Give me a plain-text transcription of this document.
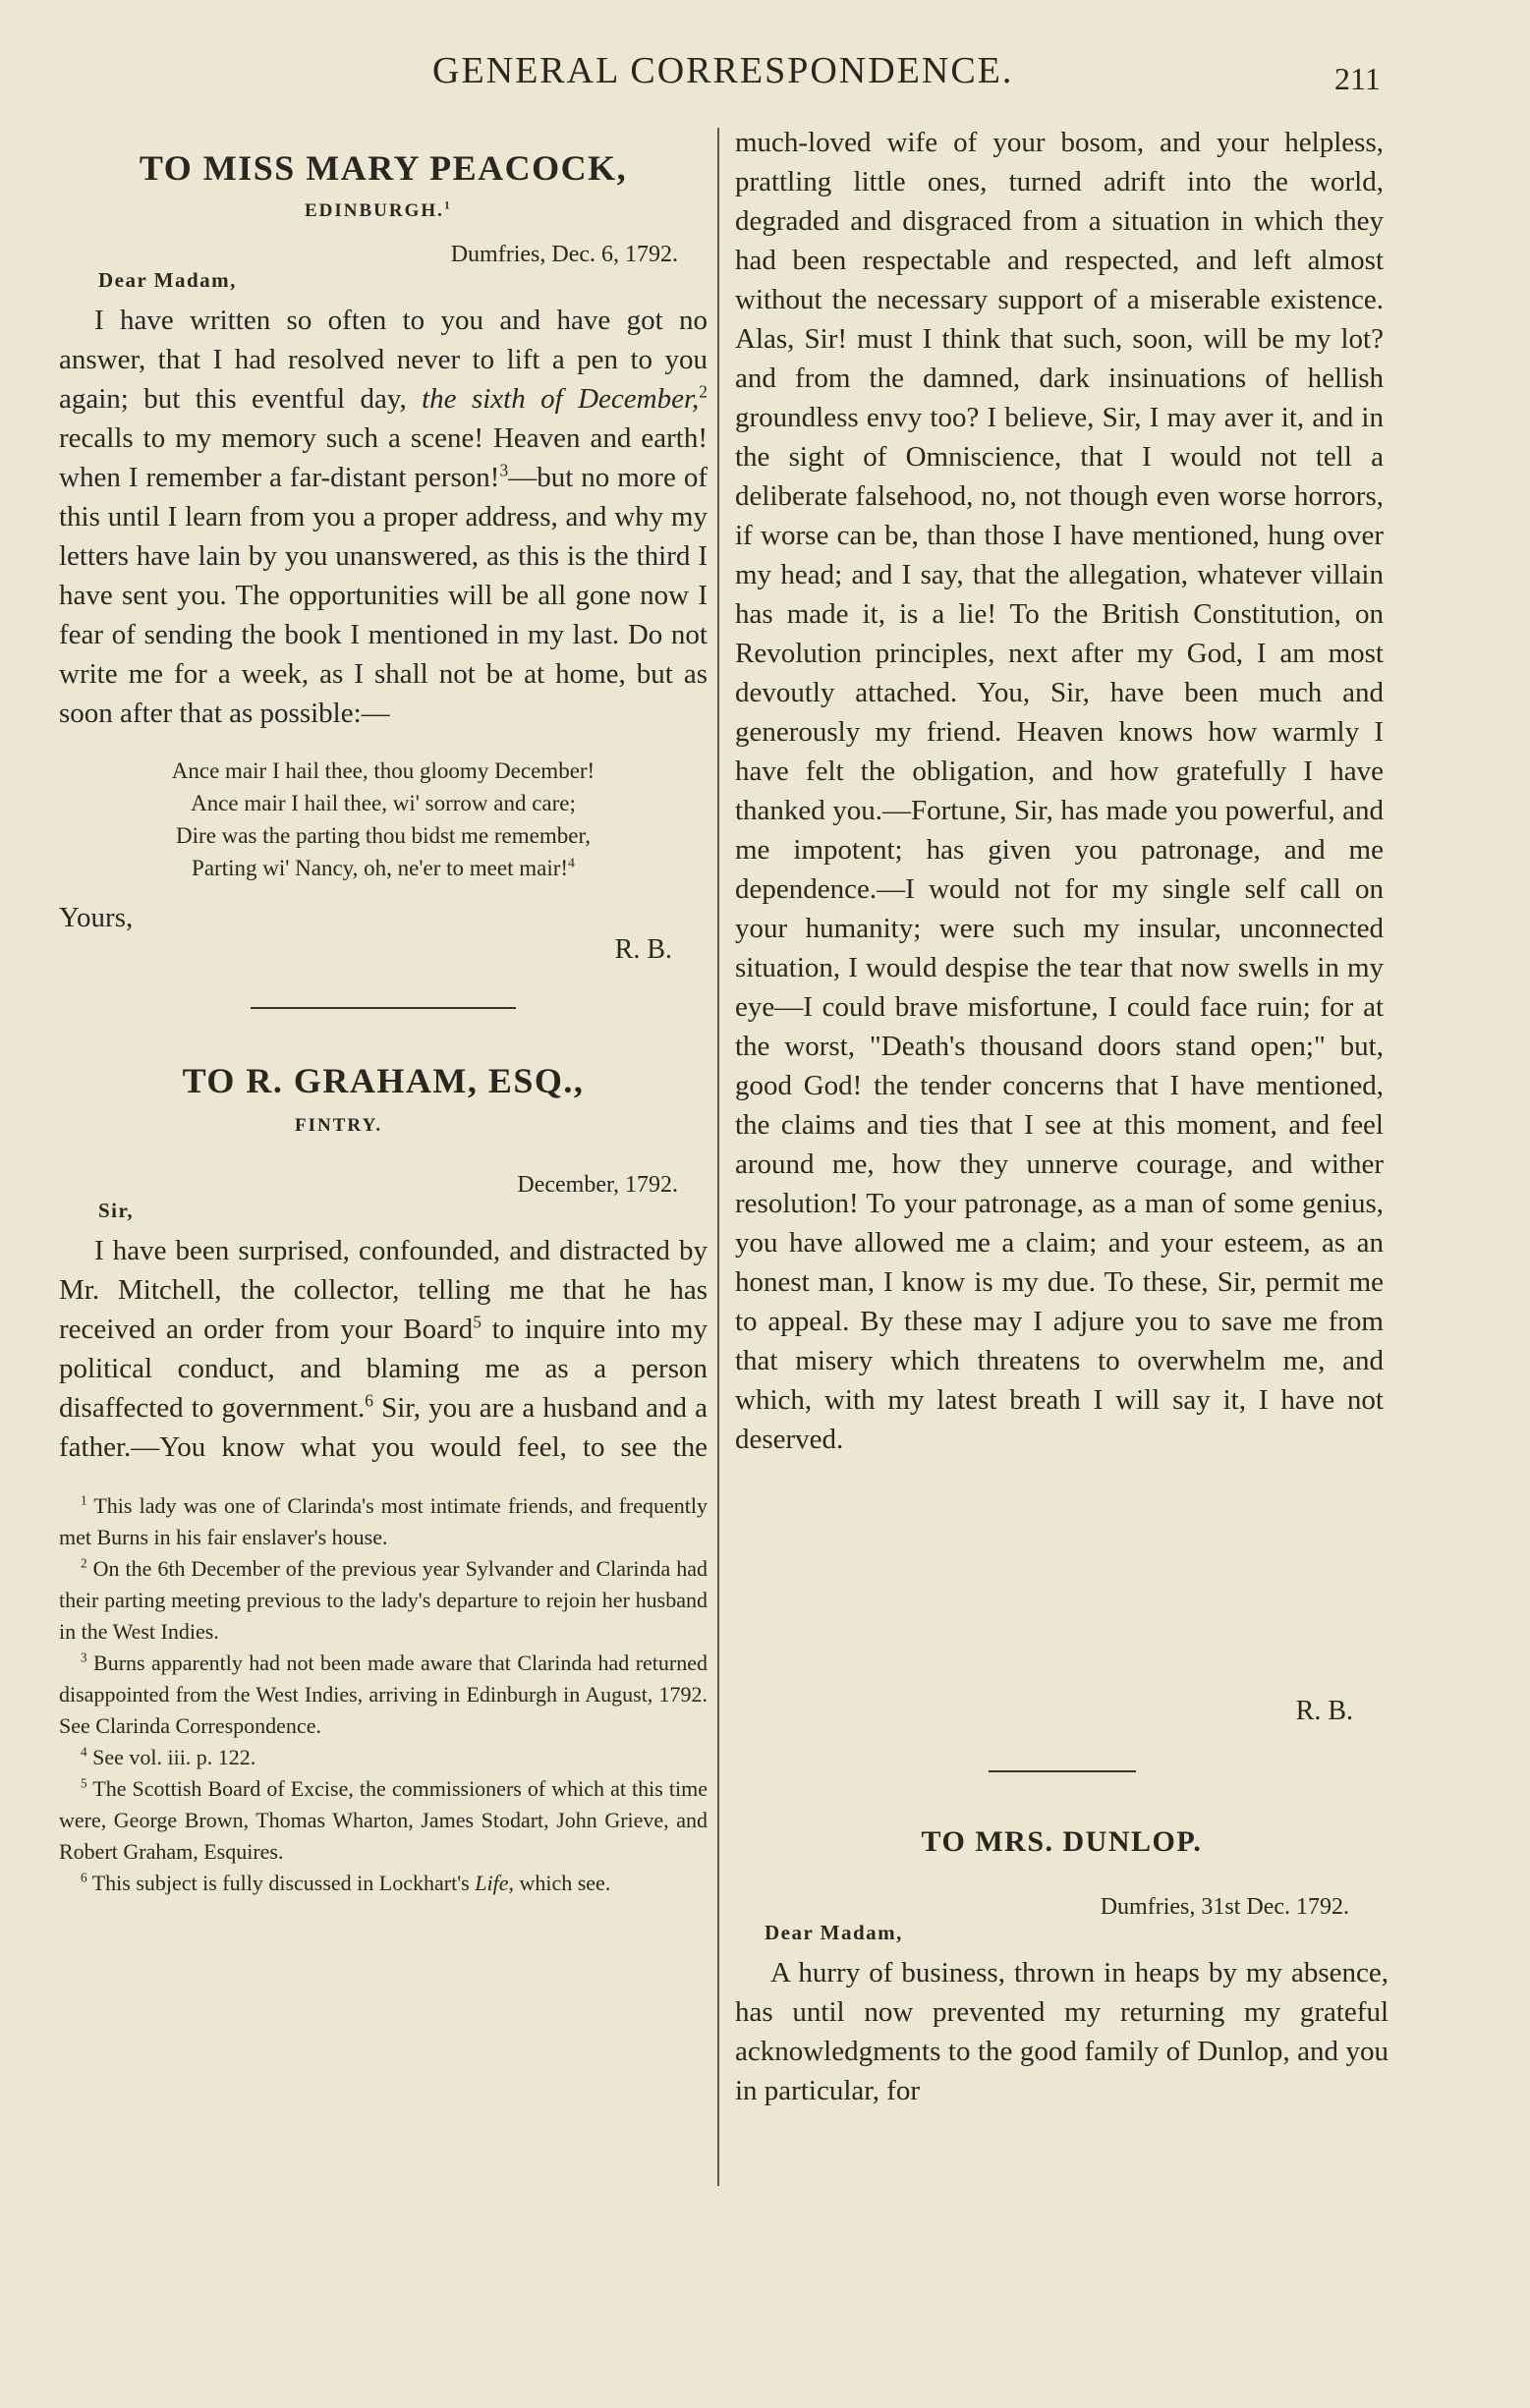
GENERAL CORRESPONDENCE.	211
TO MISS MARY PEACOCK,

EDINBURGH.$^1$

Dumfries, Dec. 6, 1792.

Dear Madam,

I have written so often to you and have got no answer, that I had resolved never to lift a pen to you again; but this eventful day, the sixth of December,$^2$ recalls to my memory such a scene! Heaven and earth! when I remember a far-distant person!$^3$—but no more of this until I learn from you a proper address, and why my letters have lain by you unanswered, as this is the third I have sent you. The opportunities will be all gone now I fear of sending the book I mentioned in my last. Do not write me for a week, as I shall not be at home, but as soon after that as possible:—

Ance mair I hail thee, thou gloomy December!
Ance mair I hail thee, wi' sorrow and care;
Dire was the parting thou bidst me remember,
Parting wi' Nancy, oh, ne'er to meet mair!$^4$

Yours,

R. B.

TO R. GRAHAM, ESQ.,

FINTRY.

December, 1792.

Sir,

I have been surprised, confounded, and distracted by Mr. Mitchell, the collector, telling me that he has received an order from your Board$^5$ to inquire into my political conduct, and blaming me as a person disaffected to government.$^6$ Sir, you are a husband and a father.—You know what you would feel, to see the

$^1$ This lady was one of Clarinda's most intimate friends, and frequently met Burns in his fair enslaver's house.

$^2$ On the 6th December of the previous year Sylvander and Clarinda had their parting meeting previous to the lady's departure to rejoin her husband in the West Indies.

$^3$ Burns apparently had not been made aware that Clarinda had returned disappointed from the West Indies, arriving in Edinburgh in August, 1792. See Clarinda Correspondence.

$^4$ See vol. iii. p. 122.

$^5$ The Scottish Board of Excise, the commissioners of which at this time were, George Brown, Thomas Wharton, James Stodart, John Grieve, and Robert Graham, Esquires.

$^6$ This subject is fully discussed in Lockhart's Life, which see.

much-loved wife of your bosom, and your helpless, prattling little ones, turned adrift into the world, degraded and disgraced from a situation in which they had been respectable and respected, and left almost without the necessary support of a miserable existence. Alas, Sir! must I think that such, soon, will be my lot? and from the damned, dark insinuations of hellish groundless envy too? I believe, Sir, I may aver it, and in the sight of Omniscience, that I would not tell a deliberate falsehood, no, not though even worse horrors, if worse can be, than those I have mentioned, hung over my head; and I say, that the allegation, whatever villain has made it, is a lie! To the British Constitution, on Revolution principles, next after my God, I am most devoutly attached. You, Sir, have been much and generously my friend. Heaven knows how warmly I have felt the obligation, and how gratefully I have thanked you.—Fortune, Sir, has made you powerful, and me impotent; has given you patronage, and me dependence.—I would not for my single self call on your humanity; were such my insular, unconnected situation, I would despise the tear that now swells in my eye—I could brave misfortune, I could face ruin; for at the worst, "Death's thousand doors stand open;" but, good God! the tender concerns that I have mentioned, the claims and ties that I see at this moment, and feel around me, how they unnerve courage, and wither resolution! To your patronage, as a man of some genius, you have allowed me a claim; and your esteem, as an honest man, I know is my due. To these, Sir, permit me to appeal. By these may I adjure you to save me from that misery which threatens to overwhelm me, and which, with my latest breath I will say it, I have not deserved.

R. B.

TO MRS. DUNLOP.

Dumfries, 31st Dec. 1792.

Dear Madam,

A hurry of business, thrown in heaps by my absence, has until now prevented my returning my grateful acknowledgments to the good family of Dunlop, and you in particular, for
